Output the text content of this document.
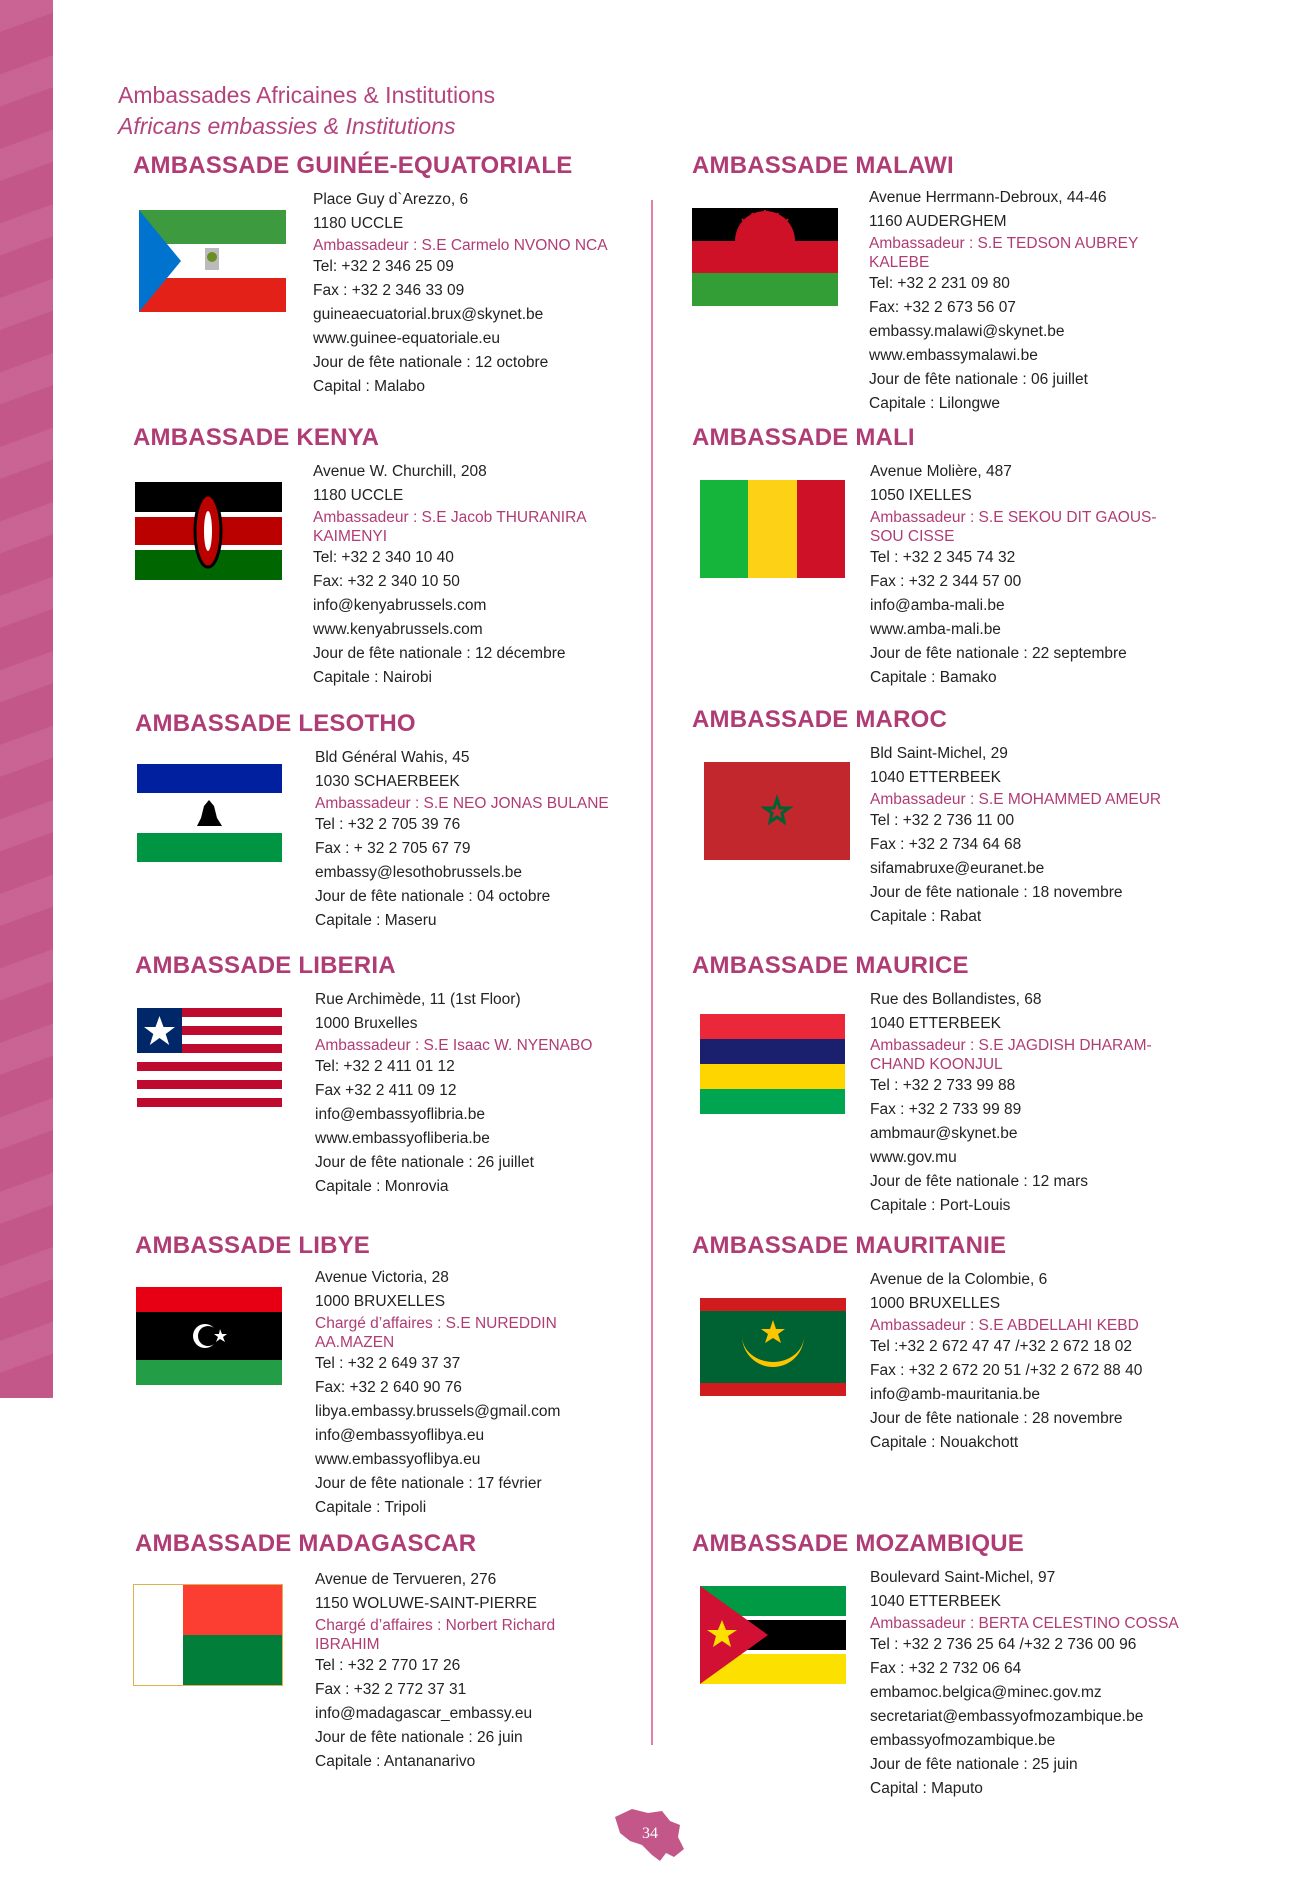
Ambassades Africaines & Institutions
Africans embassies & Institutions
AMBASSADE GUINÉE-EQUATORIALE
Place Guy d`Arezzo, 6
1180 UCCLE
Ambassadeur : S.E Carmelo NVONO NCA
Tel: +32 2 346 25 09
Fax : +32 2 346 33 09
guineaecuatorial.brux@skynet.be
www.guinee-equatoriale.eu
Jour de fête nationale : 12 octobre
Capital : Malabo
AMBASSADE KENYA
Avenue W. Churchill, 208
1180 UCCLE
Ambassadeur : S.E Jacob THURANIRA
KAIMENYI
Tel: +32 2 340 10 40
Fax: +32 2 340 10 50
info@kenyabrussels.com
www.kenyabrussels.com
Jour de fête nationale : 12 décembre
Capitale : Nairobi
AMBASSADE LESOTHO
Bld Général Wahis, 45
1030 SCHAERBEEK
Ambassadeur : S.E NEO JONAS BULANE
Tel : +32 2 705 39 76
Fax : + 32 2 705 67 79
embassy@lesothobrussels.be
Jour de fête nationale : 04 octobre
Capitale : Maseru
AMBASSADE LIBERIA
Rue Archimède, 11 (1st Floor)
1000 Bruxelles
Ambassadeur : S.E Isaac W. NYENABO
Tel: +32 2 411 01 12
Fax +32 2 411 09 12
info@embassyoflibria.be
www.embassyofliberia.be
Jour de fête nationale : 26 juillet
Capitale : Monrovia
AMBASSADE LIBYE
Avenue Victoria, 28
1000 BRUXELLES
Chargé d’affaires : S.E NUREDDIN
AA.MAZEN
Tel : +32 2 649 37 37
Fax: +32 2 640 90 76
libya.embassy.brussels@gmail.com
info@embassyoflibya.eu
www.embassyoflibya.eu
Jour de fête nationale : 17 février
Capitale : Tripoli
AMBASSADE MADAGASCAR
Avenue de Tervueren, 276
1150 WOLUWE-SAINT-PIERRE
Chargé d’affaires : Norbert Richard
IBRAHIM
Tel : +32 2 770 17 26
Fax : +32 2 772 37 31
info@madagascar_embassy.eu
Jour de fête nationale : 26 juin
Capitale : Antananarivo
AMBASSADE MALAWI
Avenue Herrmann-Debroux, 44-46
1160 AUDERGHEM
Ambassadeur : S.E TEDSON AUBREY
KALEBE
Tel: +32 2 231 09 80
Fax: +32 2 673 56 07
embassy.malawi@skynet.be
www.embassymalawi.be
Jour de fête nationale : 06 juillet
Capitale : Lilongwe
AMBASSADE MALI
Avenue Molière, 487
1050 IXELLES
Ambassadeur : S.E SEKOU DIT GAOUS-
SOU CISSE
Tel : +32 2 345 74 32
Fax : +32 2 344 57 00
info@amba-mali.be
www.amba-mali.be
Jour de fête nationale : 22 septembre
Capitale : Bamako
AMBASSADE MAROC
Bld Saint-Michel, 29
1040 ETTERBEEK
Ambassadeur : S.E MOHAMMED AMEUR
Tel : +32 2 736 11 00
Fax : +32 2 734 64 68
sifamabruxe@euranet.be
Jour de fête nationale : 18 novembre
Capitale : Rabat
AMBASSADE MAURICE
Rue des Bollandistes, 68
1040 ETTERBEEK
Ambassadeur : S.E JAGDISH DHARAM-
CHAND KOONJUL
Tel : +32 2 733 99 88
Fax : +32 2 733 99 89
ambmaur@skynet.be
www.gov.mu
Jour de fête nationale : 12 mars
Capitale : Port-Louis
AMBASSADE MAURITANIE
Avenue de la Colombie, 6
1000 BRUXELLES
Ambassadeur : S.E ABDELLAHI KEBD
Tel :+32 2 672 47 47 /+32 2 672 18 02
Fax : +32 2 672 20 51 /+32 2 672 88 40
info@amb-mauritania.be
Jour de fête nationale : 28 novembre
Capitale : Nouakchott
AMBASSADE MOZAMBIQUE
Boulevard Saint-Michel, 97
1040 ETTERBEEK
Ambassadeur : BERTA CELESTINO COSSA
Tel : +32 2 736 25 64 /+32 2 736 00 96
Fax : +32 2 732 06 64
embamoc.belgica@minec.gov.mz
secretariat@embassyofmozambique.be
embassyofmozambique.be
Jour de fête nationale : 25 juin
Capital : Maputo
34
